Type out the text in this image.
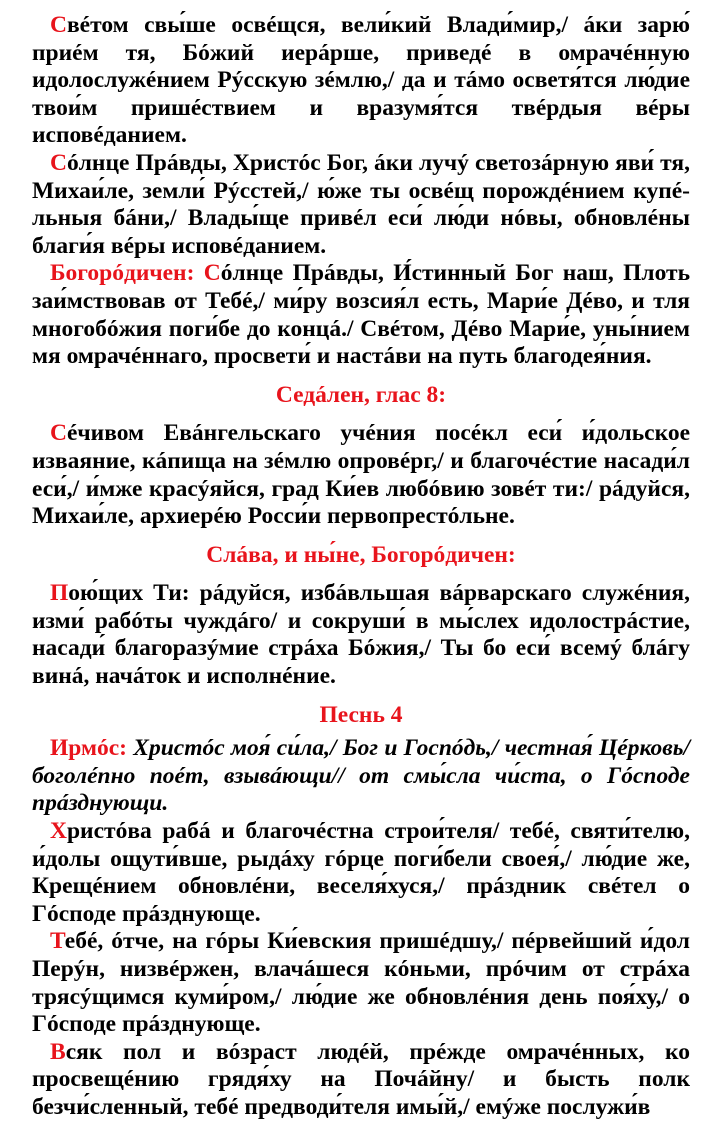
Свéтом свы́ше освéщся, вели́кий Влади́мир,/ áки зарю́ приéм тя, Бóжий иерáрше, приведé в омрачéнную идолослужéнием Рýсскую зéмлю,/ да и тáмо осветя́тся лю́дие твои́м пришéствием и вразумя́тся твéрдыя вéры исповéданием.

Сóлнце Прáвды, Христóс Бог, áки лучý светозáрную яви́ тя, Михаи́ле, земли́ Рýсстей,/ ю́же ты освéщ порождéнием купéльныя бáни,/ Влады́ще привéл еси́ лю́ди нóвы, обновлéны благи́я вéры исповéданием.

Богорóдичен: Сóлнце Прáвды, И́стинный Бог наш, Плоть заи́мствовав от Тебé,/ ми́ру возсия́л есть, Мари́е Дéво, и тля многобóжия поги́бе до концá./ Свéтом, Дéво Мари́е, уны́нием мя омрачéннаго, просвети́ и настáви на путь благодея́ния.

Седáлен, глас 8:

Сéчивом Евáнгельскаго учéния посéкл еси́ и́дольское изваяние, кáпища на зéмлю опровéрг,/ и благочéстие насади́л еси́,/ и́мже красýяйся, град Ки́ев любóвию зовéт ти:/ рáдуйся, Михаи́ле, архиерéю Росси́и первопрестóльне.

Слáва, и ны́не, Богорóдичен:

Пою́щих Ти: рáдуйся, избáвльшая вáрварскаго служéния, изми́ рабóты чуждáго/ и сокруши́ в мы́слех идолострáстие, насади́ благоразýмие стрáха Бóжия,/ Ты бо еси́ всемý блáгу винá, начáток и исполнéние.

Песнь 4

Ирмóс: Христóс моя́ си́ла,/ Бог и Госпóдь,/ честная́ Цéрковь/ боголéпно поéт, взывáющи// от смы́сла чи́ста, о Гóсподе прáзднующи.

Христóва рабá и благочéстна строи́теля/ тебé, святи́телю, и́долы ощути́вше, рыдáху гóрце поги́бели своея́,/ лю́дие же, Крещéнием обновлéни, веселя́хуся,/ прáздник свéтел о Гóсподе прáзднующе.

Тебé, óтче, на гóры Ки́евския пришéдшу,/ пéрвейший и́дол Перýн, низвéржен, влачáшеся кóньми, прóчим от стрáха трясýщимся куми́ром,/ лю́дие же обновлéния день поя́ху,/ о Гóсподе прáзднующе.

Всяк пол и вóзраст людéй, прéжде омрачéнных, ко просвещéнию грядя́ху на Почáйну/ и бысть полк безчи́сленный, тебé предводи́теля имы́й,/ емýже послужи́в
